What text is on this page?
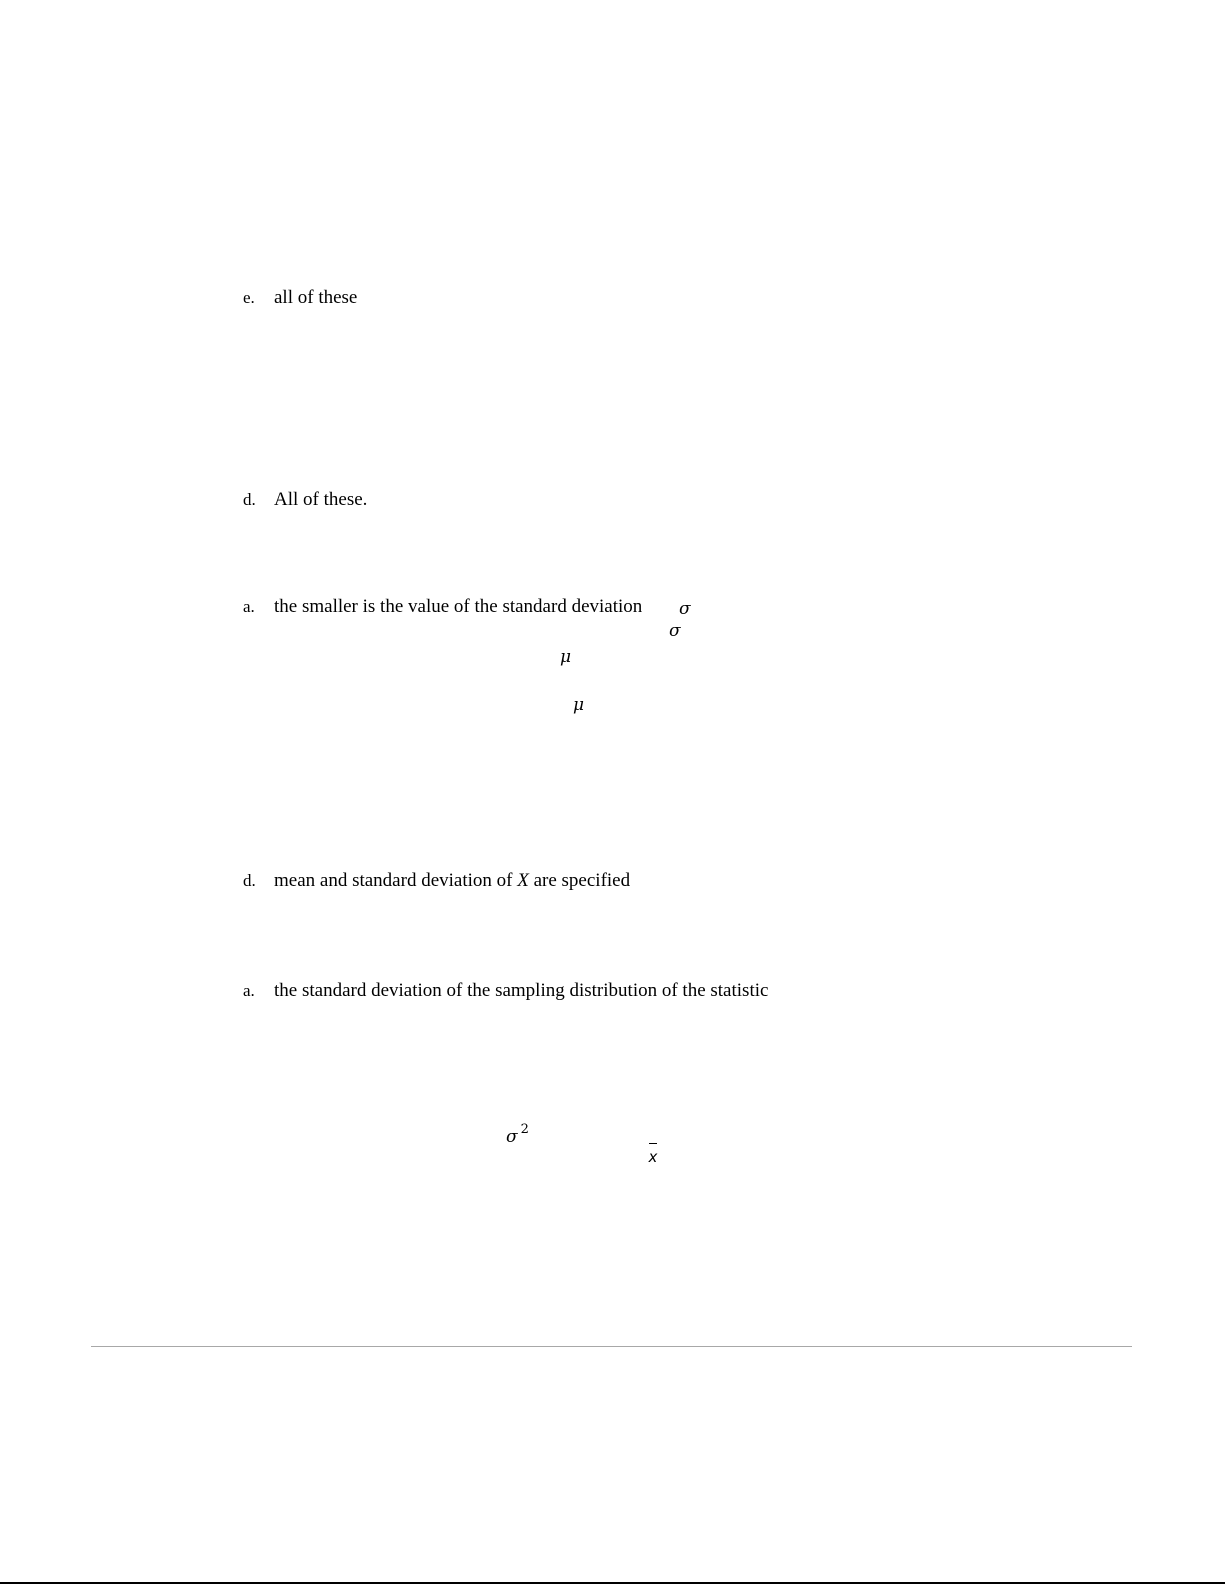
e. all of these
d. All of these.
a. the smaller is the value of the standard deviation σ
σ
μ
μ
d. mean and standard deviation of X are specified
a. the standard deviation of the sampling distribution of the statistic
σ $^2$
x
